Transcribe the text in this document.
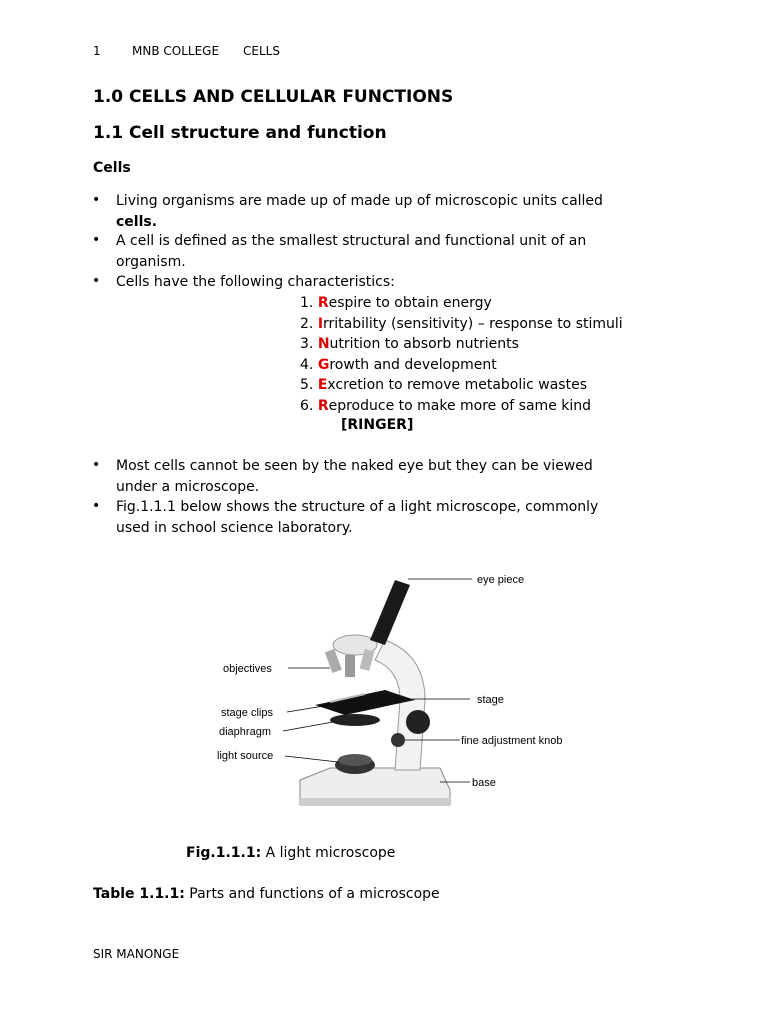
1	MNB COLLEGE CELLS
1.0 CELLS AND CELLULAR FUNCTIONS
1.1 Cell structure and function
Cells
• Living organisms are made up of made up of microscopic units called
cells.
• A cell is defined as the smallest structural and functional unit of an
organism.
• Cells have the following characteristics:
1. Respire to obtain energy
2. Irritability (sensitivity) – response to stimuli
3. Nutrition to absorb nutrients
4. Growth and development
5. Excretion to remove metabolic wastes
6. Reproduce to make more of same kind
[RINGER]
• Most cells cannot be seen by the naked eye but they can be viewed
under a microscope.
• Fig.1.1.1 below shows the structure of a light microscope, commonly
used in school science laboratory.
eye piece
objectives
stage
stage clips
diaphragm
fine adjustment knob
light source
base
Fig.1.1.1: A light microscope
Table 1.1.1: Parts and functions of a microscope
SIR MANONGE
